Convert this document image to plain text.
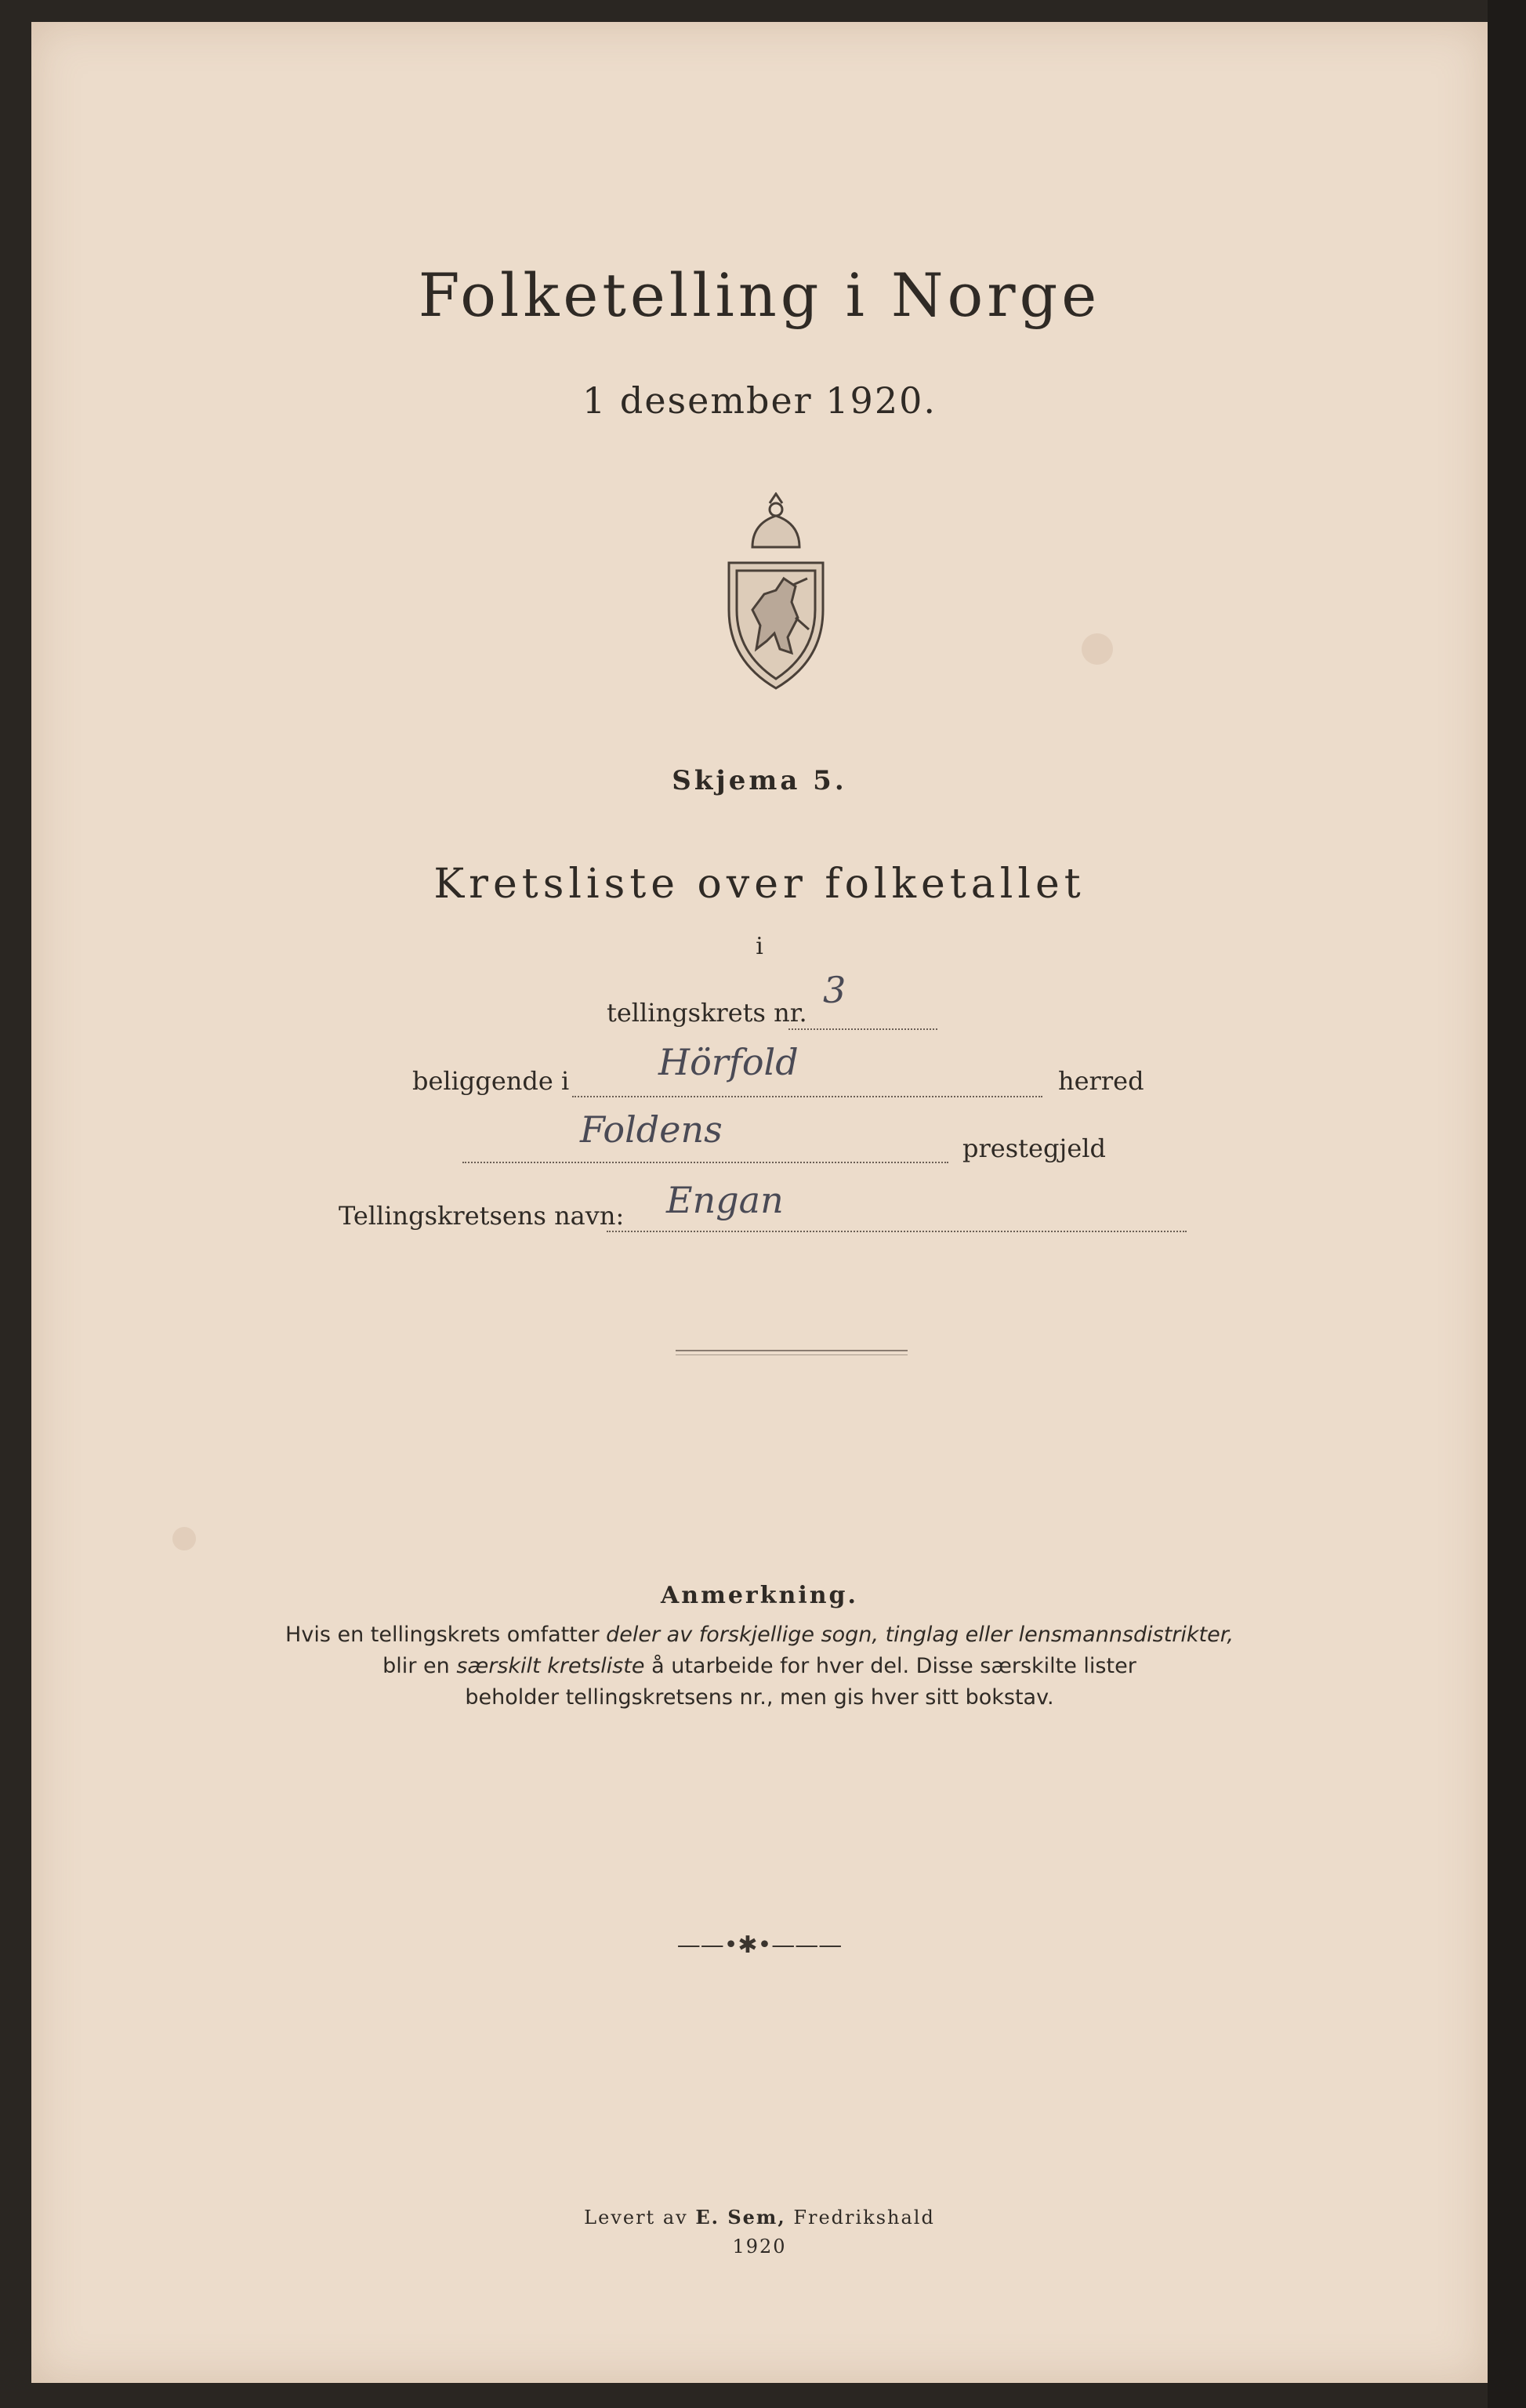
Folketelling i Norge
1 desember 1920.
Skjema 5.
Kretsliste over folketallet
i
tellingskrets nr.
3
beliggende i Hörfold	herred
Foldens	prestegjeld
Tellingskretsens navn: Engan
Anmerkning.
Hvis en tellingskrets omfatter deler av forskjellige sogn, tinglag eller lensmannsdistrikter,
blir en særskilt kretsliste å utarbeide for hver del. Disse særskilte lister
beholder tellingskretsens nr., men gis hver sitt bokstav.
——•✱•———
Levert av E. Sem, Fredrikshald
1920
